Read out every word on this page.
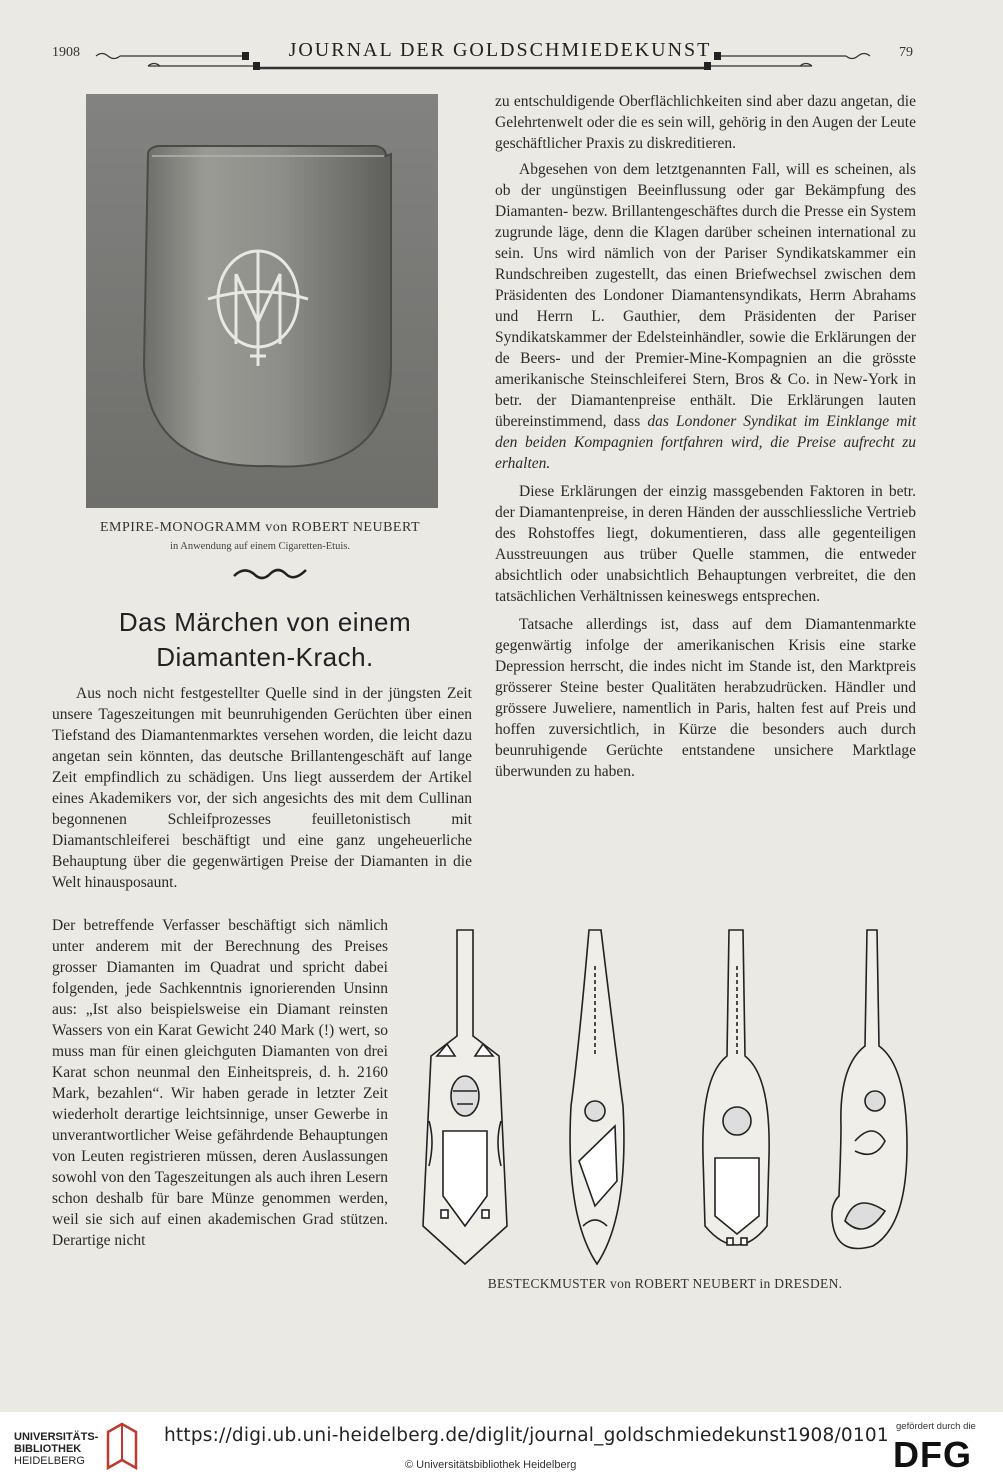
1908	JOURNAL DER GOLDSCHMIEDEKUNST	79
EMPIRE-MONOGRAMM von ROBERT NEUBERT
in Anwendung auf einem Cigaretten-Etuis.
Das Märchen von einem
Diamanten-Krach.

Aus noch nicht festgestellter Quelle sind in der jüngsten Zeit unsere Tageszeitungen mit beunruhigenden Gerüchten über einen Tiefstand des Diamantenmarktes versehen worden, die leicht dazu angetan sein könnten, das deutsche Brillantengeschäft auf lange Zeit empfindlich zu schädigen. Uns liegt ausserdem der Artikel eines Akademikers vor, der sich angesichts des mit dem Cullinan begonnenen Schleifprozesses feuilletonistisch mit Diamantschleiferei beschäftigt und eine ganz ungeheuerliche Behauptung über die gegenwärtigen Preise der Diamanten in die Welt hinausposaunt.

Der betreffende Verfasser beschäftigt sich nämlich unter anderem mit der Berechnung des Preises grosser Diamanten im Quadrat und spricht dabei folgenden, jede Sachkenntnis ignorierenden Unsinn aus: „Ist also beispielsweise ein Diamant reinsten Wassers von ein Karat Gewicht 240 Mark (!) wert, so muss man für einen gleichguten Diamanten von drei Karat schon neunmal den Einheitspreis, d. h. 2160 Mark, bezahlen“. Wir haben gerade in letzter Zeit wiederholt derartige leichtsinnige, unser Gewerbe in unverantwortlicher Weise gefährdende Behauptungen von Leuten registrieren müssen, deren Auslassungen sowohl von den Tageszeitungen als auch ihren Lesern schon deshalb für bare Münze genommen werden, weil sie sich auf einen akademischen Grad stützen. Derartige nicht

zu entschuldigende Oberflächlichkeiten sind aber dazu angetan, die Gelehrtenwelt oder die es sein will, gehörig in den Augen der Leute geschäftlicher Praxis zu diskreditieren.

Abgesehen von dem letztgenannten Fall, will es scheinen, als ob der ungünstigen Beeinflussung oder gar Bekämpfung des Diamanten- bezw. Brillantengeschäftes durch die Presse ein System zugrunde läge, denn die Klagen darüber scheinen international zu sein. Uns wird nämlich von der Pariser Syndikatskammer ein Rundschreiben zugestellt, das einen Briefwechsel zwischen dem Präsidenten des Londoner Diamantensyndikats, Herrn Abrahams und Herrn L. Gauthier, dem Präsidenten der Pariser Syndikatskammer der Edelsteinhändler, sowie die Erklärungen der de Beers- und der Premier-Mine-Kompagnien an die grösste amerikanische Steinschleiferei Stern, Bros & Co. in New-York in betr. der Diamantenpreise enthält. Die Erklärungen lauten übereinstimmend, dass das Londoner Syndikat im Einklange mit den beiden Kompagnien fortfahren wird, die Preise aufrecht zu erhalten.

Diese Erklärungen der einzig massgebenden Faktoren in betr. der Diamantenpreise, in deren Händen der ausschliessliche Vertrieb des Rohstoffes liegt, dokumentieren, dass alle gegenteiligen Ausstreuungen aus trüber Quelle stammen, die entweder absichtlich oder unabsichtlich Behauptungen verbreitet, die den tatsächlichen Verhältnissen keineswegs entsprechen.

Tatsache allerdings ist, dass auf dem Diamantenmarkte gegenwärtig infolge der amerikanischen Krisis eine starke Depression herrscht, die indes nicht im Stande ist, den Marktpreis grösserer Steine bester Qualitäten herabzudrücken. Händler und grössere Juweliere, namentlich in Paris, halten fest auf Preis und hoffen zuversichtlich, in Kürze die besonders auch durch beunruhigende Gerüchte entstandene unsichere Marktlage überwunden zu haben.

BESTECKMUSTER von ROBERT NEUBERT in DRESDEN.
UNIVERSITÄTS-
BIBLIOTHEK
HEIDELBERG
https://digi.ub.uni-heidelberg.de/diglit/journal_goldschmiedekunst1908/0101
© Universitätsbibliothek Heidelberg
gefördert durch die
DFG
